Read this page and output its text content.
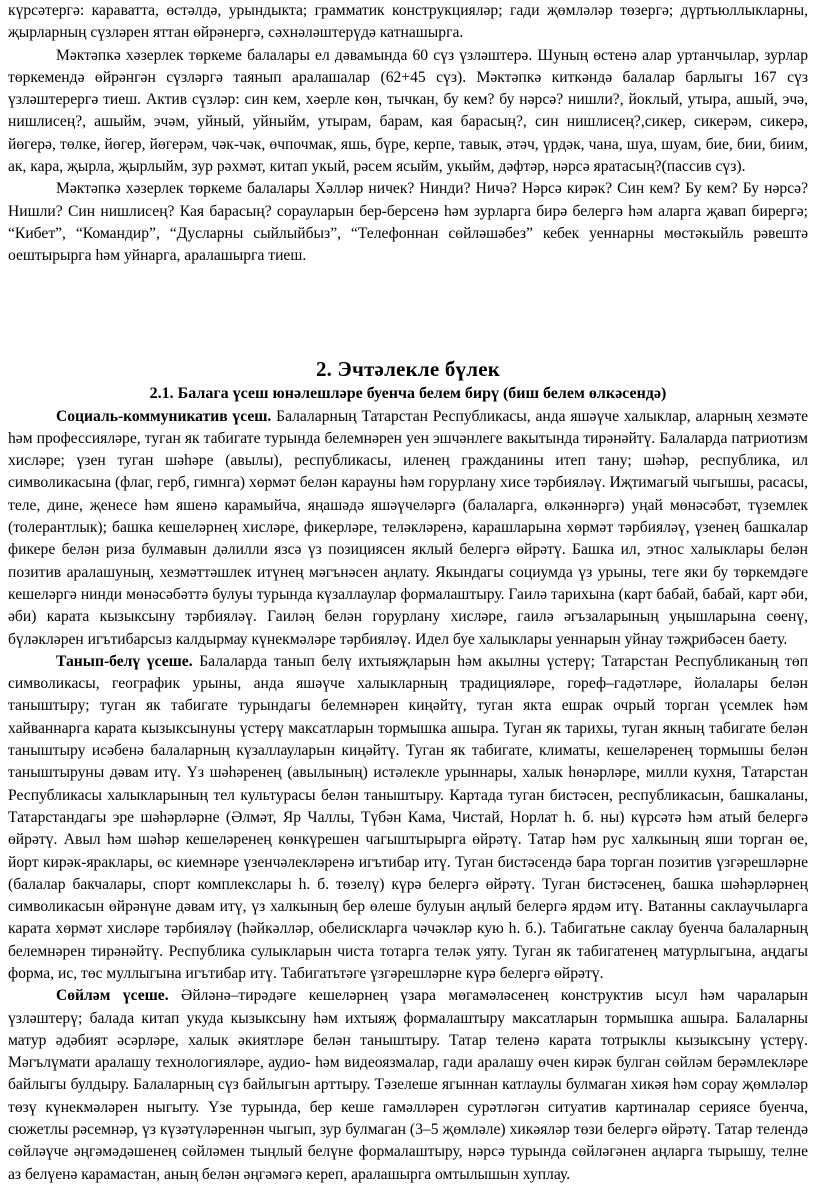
күрсәтергә: караватта, өстәлдә, урындыкта; грамматик конструкцияләр; гади җөмләләр төзергә; дүртьюллыкларны, җырларның сүзләрен яттан өйрәнергә, сәхнәләштерүдә катнашырга.

Мәктәпкә хәзерлек төркеме балалары ел дәвамында 60 сүз үзләштерә. Шуның өстенә алар уртанчылар, зурлар төркемендә өйрәнгән сүзләргә таянып аралашалар (62+45 сүз). Мәктәпкә киткәндә балалар барлыгы 167 сүз үзләштерергә тиеш. Актив сүзләр: син кем, хәерле көн, тычкан, бу кем? бу нәрсә? нишли?, йоклый, утыра, ашый, эчә, нишлисең?, ашыйм, эчәм, уйный, уйныйм, утырам, барам, кая барасың?, син нишлисең?,сикер, сикерәм, сикерә, йөгерә, төлке, йөгер, йөгерәм, чәк-чәк, өчпочмак, яшь, бүре, керпе, тавык, әтәч, үрдәк, чана, шуа, шуам, бие, бии, биим, ак, кара, җырла, җырлыйм, зур рәхмәт, китап укый, рәсем ясыйм, укыйм, дәфтәр, нәрсә яратасың?(пассив сүз).

Мәктәпкә хәзерлек төркеме балалары Хәлләр ничек? Нинди? Ничә? Нәрсә кирәк? Син кем? Бу кем? Бу нәрсә? Нишли? Син нишлисең? Кая барасың? сорауларын бер-берсенә һәм зурларга бирә белергә һәм аларга җавап бирергә; “Кибет”, “Командир”, “Дусларны сыйлыйбыз”, “Телефоннан сөйләшәбез” кебек уеннарны мөстәкыйль рәвештә оештырырга һәм уйнарга, аралашырга тиеш.

2. Эчтәлекле бүлек
2.1. Балага үсеш юнәлешләре буенча белем бирү (биш белем өлкәсендә)

Социаль-коммуникатив үсеш. Балаларның Татарстан Республикасы, анда яшәүче халыклар, аларның хезмәте һәм профессияләре, туган як табигате турында белемнәрен уен эшчәнлеге вакытында тирәнәйтү. Балаларда патриотизм хисләре; үзен туган шәһәре (авылы), республикасы, иленең гражданины итеп тану; шәһәр, республика, ил символикасына (флаг, герб, гимнга) хөрмәт белән карауны һәм горурлану хисе тәрбияләү. Иҗтимагый чыгышы, расасы, теле, дине, җенесе һәм яшенә карамыйча, яңашәдә яшәүчеләргә (балаларга, өлкәннәргә) уңай мөнәсәбәт, түземлек (толерантлык); башка кешеләрнең хисләре, фикерләре, теләкләренә, карашларына хөрмәт тәрбияләү, үзенең башкалар фикере белән риза булмавын дәлилли язсә үз позициясен яклый белергә өйрәтү. Башка ил, этнос халыклары белән позитив аралашуның, хезмәттәшлек итүнең мәгънәсен аңлату. Якындагы социумда үз урыны, тегe яки бу төркемдәге кешеләргә нинди мөнәсәбәттә булуы турында күзаллаулар формалаштыру. Гаилә тарихына (карт бабай, бабай, карт әби, әби) карата кызыксыну тәрбияләү. Гаиләң белән горурлану хисләре, гаилә әгъзаларының уңышларына сөенү, бүләкләрен игътибарсыз калдырмау күнекмәләре тәрбияләү. Идел буе халыклары уеннарын уйнау тәҗрибәсен баету.

Танып-белү үсеше. Балаларда танып белү ихтыяҗларын һәм акылны үстерү; Татарстан Республиканың төп символикасы, географик урыны, анда яшәүче халыкларның традицияләре, гореф–гадәтләре, йолалары белән таныштыру; туган як табигате турындагы белемнәрен киңәйтү, туган якта ешрак очрый торган үсемлек һәм хайваннарга карата кызыксынуны үстерү максатларын тормышка ашыра. Туган як тарихы, туган якның табигате белән таныштыру исәбенә балаларның күзаллауларын киңәйтү. Туган як табигате, климаты, кешеләренең тормышы белән таныштыруны дәвам итү. Үз шәһәренең (авылының) истәлекле урыннары, халык һөнәрләре, милли кухня, Татарстан Республикасы халыкларының тел культурасы белән таныштыру. Картада туган бистәсен, республикасын, башкаланы, Татарстандагы эре шәһәрләрне (Әлмәт, Яр Чаллы, Түбән Кама, Чистай, Норлат һ. б. ны) күрсәтә һәм атый белергә өйрәтү. Авыл һәм шәһәр кешеләренең көнкүрешен чагыштырырга өйрәтү. Татар һәм рус халкының яши торган өе, йорт кирәк-яраклары, өс киемнәре үзенчәлекләренә игътибар итү. Туган бистәсендә бара торган позитив үзгәрешләрне (балалар бакчалары, спорт комплекслары һ. б. төзелү) күрә белергә өйрәтү. Туган бистәсенең, башка шәһәрләрнең символикасын өйрәнүне дәвам итү, үз халкының бер өлеше булуын аңлый белергә ярдәм итү. Ватанны саклаучыларга карата хөрмәт хисләре тәрбияләү (һәйкәлләр, обелискларга чәчәкләр кую һ. б.). Табигатьне саклау буенча балаларның белемнәрен тирәнәйтү. Республика сулыкларын чиста тотарга теләк уяту. Туган як табигатенең матурлыгына, аңдагы форма, ис, төс муллыгына игътибар итү. Табигатьтәге үзгәрешләрне күрә белергә өйрәтү.

Сөйләм үсеше. Әйләнә–тирәдәге кешеләрнең үзара мөгамәләсенең конструктив ысул һәм чараларын үзләштерү; балада китап укуда кызыксыну һәм ихтыяҗ формалаштыру максатларын тормышка ашыра. Балаларны матур әдәбият әсәрләре, халык әкиятләре белән таныштыру. Татар теленә карата тотрыклы кызыксыну үстерү. Мәгълүмати аралашу технологияләре, аудио- һәм видеоязмалар, гади аралашу өчен кирәк булган сөйләм берәмлекләре байлыгы булдыру. Балаларның сүз байлыгын арттыру. Тәзелеше ягыннан катлаулы булмаган хикәя һәм сорау җөмләләр төзү күнекмәләрен ныгыту. Үзе турында, бер кеше гамәлләрен сурәтләгән ситуатив картиналар сериясе буенча, сюжетлы рәсемнәр, үз күзәтүләреннән чыгып, зур булмаган (3–5 җөмләле) хикәяләр төзи белергә өйрәтү. Татар телендә сөйләүче әңгәмәдәшенең сөйләмен тыңлый белүне формалаштыру, нәрсә турында сөйләгәнен аңларга тырышу, телне аз белүенә карамастан, аның белән әңгәмәгә кереп, аралашырга омтылышын хуплау.
